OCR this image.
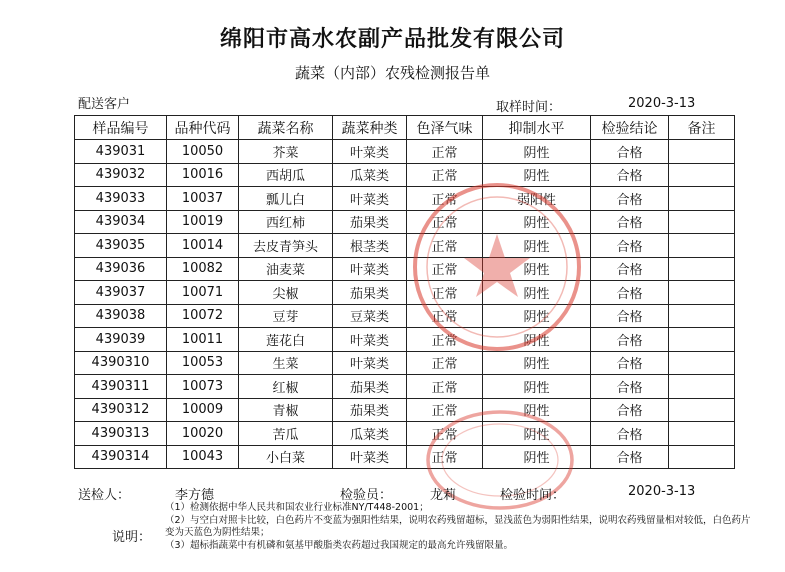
绵阳市高水农副产品批发有限公司
蔬菜（内部）农残检测报告单
配送客户	取样时间：	2020-3-13
样品编号	品种代码	蔬菜名称	蔬菜种类	色泽气味	抑制水平	检验结论	备注
439031	10050	芥菜	叶菜类	正常	阴性	合格	
439032	10016	西胡瓜	瓜菜类	正常	阴性	合格	
439033	10037	瓢儿白	叶菜类	正常	弱阳性	合格	
439034	10019	西红柿	茄果类	正常	阴性	合格	
439035	10014	去皮青笋头	根茎类	正常	阴性	合格	
439036	10082	油麦菜	叶菜类	正常	阴性	合格	
439037	10071	尖椒	茄果类	正常	阴性	合格	
439038	10072	豆芽	豆菜类	正常	阴性	合格	
439039	10011	莲花白	叶菜类	正常	阴性	合格	
4390310	10053	生菜	叶菜类	正常	阴性	合格	
4390311	10073	红椒	茄果类	正常	阴性	合格	
4390312	10009	青椒	茄果类	正常	阴性	合格	
4390313	10020	苦瓜	瓜菜类	正常	阴性	合格	
4390314	10043	小白菜	叶菜类	正常	阴性	合格	
送检人：	李方德	检验员：	龙莉	检验时间：	2020-3-13
说明：
（1）检测依据中华人民共和国农业行业标准NY/T448-2001；
（2）与空白对照卡比较，白色药片不变蓝为强阳性结果，说明农药残留超标，显浅蓝色为弱阳性结果，说明农药残留量相对较低，白色药片变为天蓝色为阴性结果；
（3）超标指蔬菜中有机磷和氨基甲酸脂类农药超过我国规定的最高允许残留限量。
